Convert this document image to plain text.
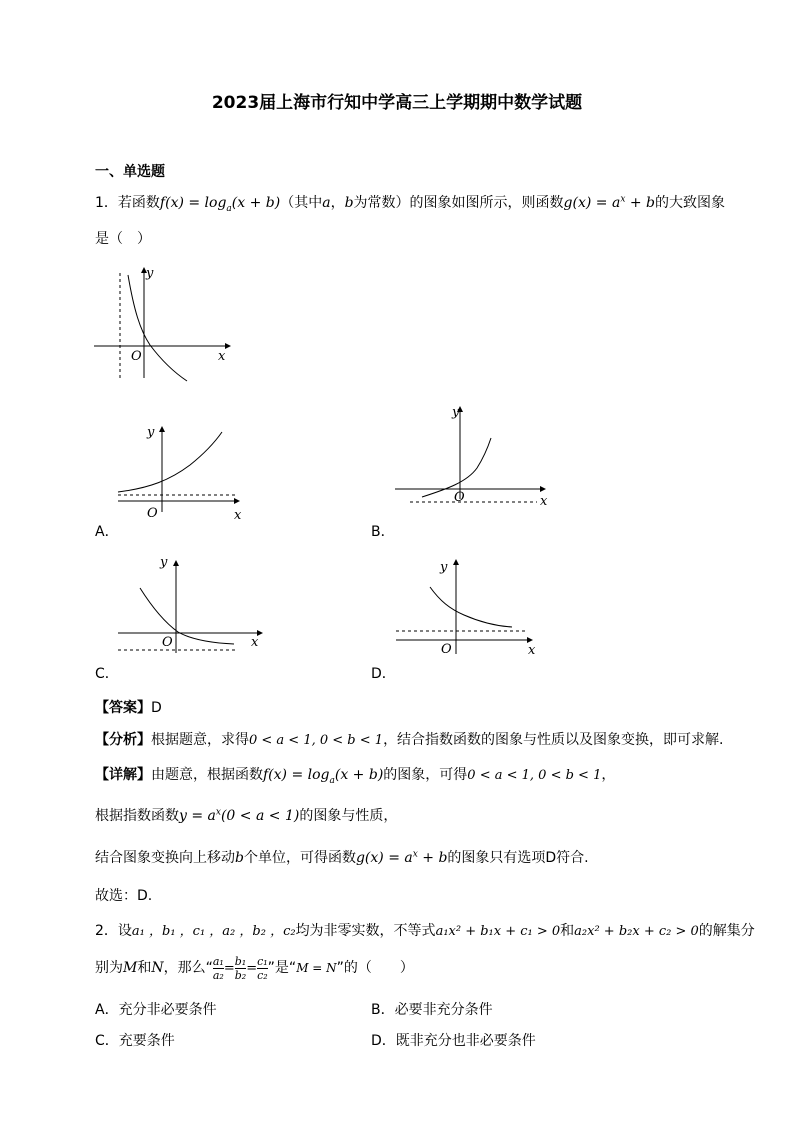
2023届上海市行知中学高三上学期期中数学试题
一、单选题
1．若函数$f(x) = \log_a(x + b)$（其中a，b为常数）的图象如图所示，则函数$g(x) = a^x + b$的大致图象
是（　）
y
x
O
y
x
O
A．
y
x
O
B．
y
x
O
C．
y
x
O
D．
【答案】D
【分析】根据题意，求得0 < a < 1, 0 < b < 1，结合指数函数的图象与性质以及图象变换，即可求解.
【详解】由题意，根据函数$f(x) = \log_a(x + b)$的图象，可得0 < a < 1, 0 < b < 1，
根据指数函数$y = a^x(0 < a < 1)$的图象与性质，
结合图象变换向上移动b个单位，可得函数$g(x) = a^x + b$的图象只有选项D符合.
故选：D.
2．设a₁ ，b₁ ，c₁ ，a₂ ，b₂ ，c₂均为非零实数，不等式a₁x² + b₁x + c₁ > 0和a₂x² + b₂x + c₂ > 0的解集分
别为M和N，那么“ $\frac{\text{a₁}}{\text{a₂}} = \frac{\text{b₁}}{\text{b₂}} = \frac{\text{c₁}}{\text{c₂}}$ ”是“M = N”的（　　）
A．充分非必要条件	B．必要非充分条件
C．充要条件	D．既非充分也非必要条件
